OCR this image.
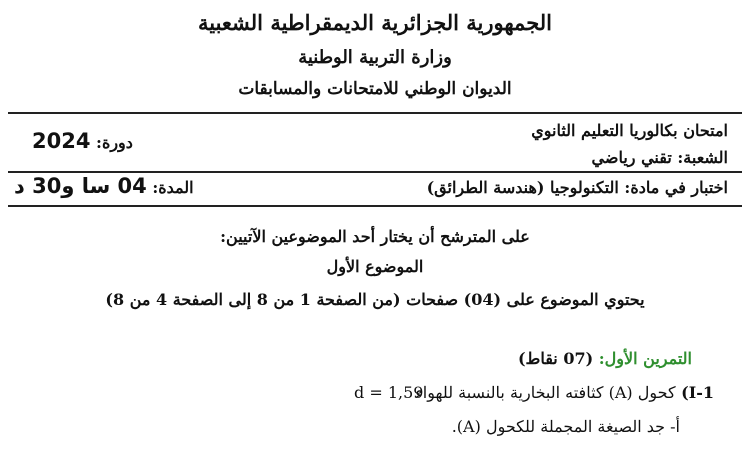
الجمهورية الجزائرية الديمقراطية الشعبية
وزارة التربية الوطنية
الديوان الوطني للامتحانات والمسابقات
امتحان بكالوريا التعليم الثانوي
دورة: 2024
الشعبة: تقني رياضي
اختبار في مادة: التكنولوجيا (هندسة الطرائق)
المدة: 04 سا و30 د
على المترشح أن يختار أحد الموضوعين الآتيين:
الموضوع الأول
يحتوي الموضوع على (04) صفحات (من الصفحة 1 من 8 إلى الصفحة 4 من 8)
التمرين الأول: (07 نقاط)
I-1) كحول (A) كثافته البخارية بالنسبة للهواء
d = 1,59
أ- جد الصيغة المجملة للكحول (A).
